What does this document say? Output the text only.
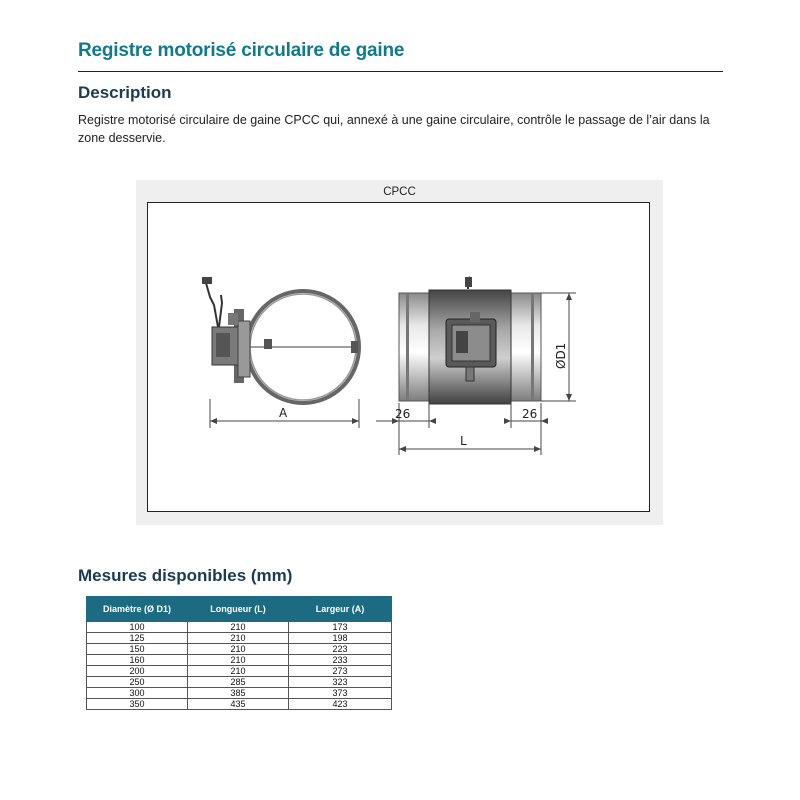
Registre motorisé circulaire de gaine
Description
Registre motorisé circulaire de gaine CPCC qui, annexé à une gaine circulaire, contrôle le passage de l’air dans la zone desservie.
CPCC
A
L
26	26
ØD1
Mesures disponibles (mm)
Diamètre (Ø D1)	Longueur (L)	Largeur (A)
100	210	173
125	210	198
150	210	223
160	210	233
200	210	273
250	285	323
300	385	373
350	435	423
